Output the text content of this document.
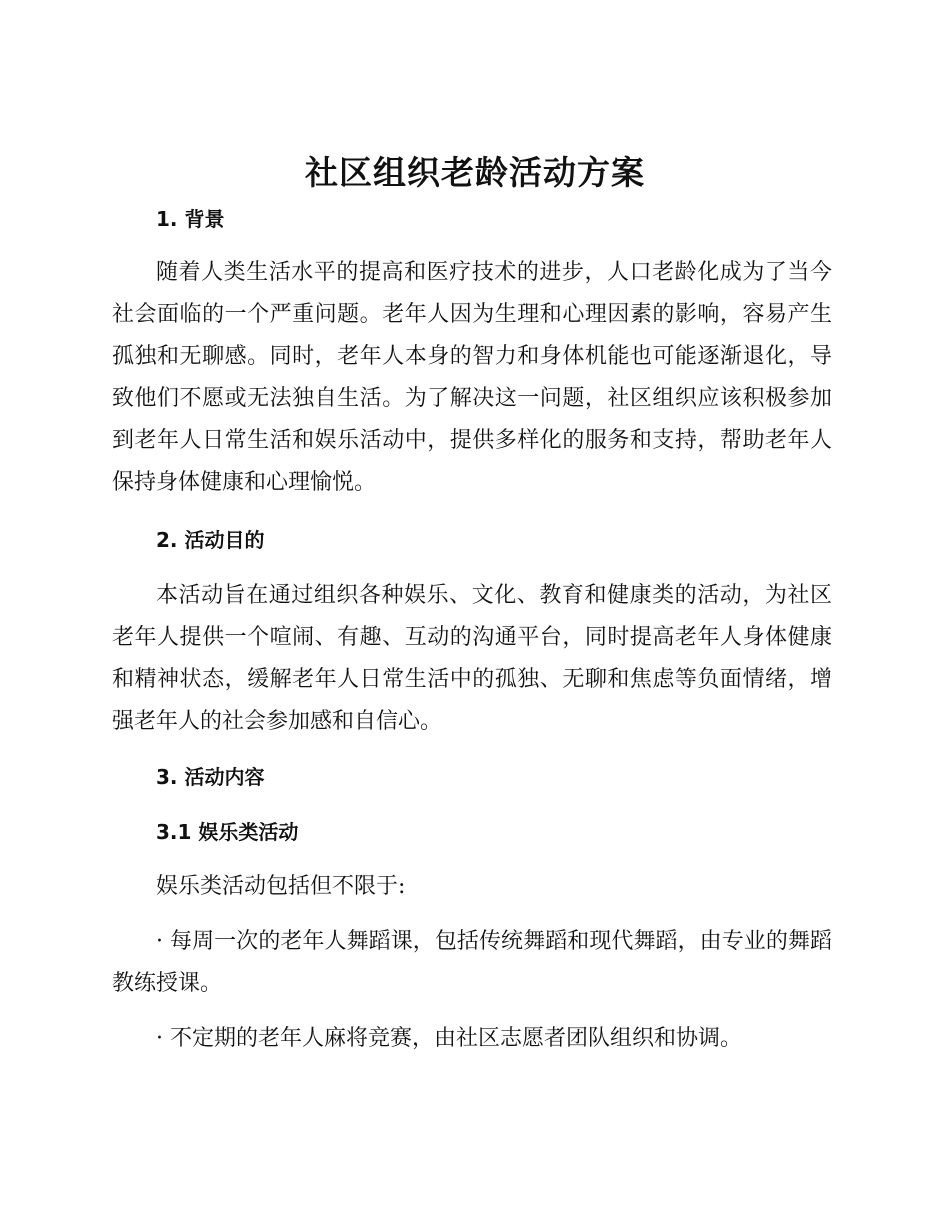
社区组织老龄活动方案
1. 背景

随着人类生活水平的提高和医疗技术的进步，人口老龄化成为了当今社会面临的一个严重问题。老年人因为生理和心理因素的影响，容易产生孤独和无聊感。同时，老年人本身的智力和身体机能也可能逐渐退化，导致他们不愿或无法独自生活。为了解决这一问题，社区组织应该积极参加到老年人日常生活和娱乐活动中，提供多样化的服务和支持，帮助老年人保持身体健康和心理愉悦。

2. 活动目的

本活动旨在通过组织各种娱乐、文化、教育和健康类的活动，为社区老年人提供一个喧闹、有趣、互动的沟通平台，同时提高老年人身体健康和精神状态，缓解老年人日常生活中的孤独、无聊和焦虑等负面情绪，增强老年人的社会参加感和自信心。

3. 活动内容
3.1 娱乐类活动

娱乐类活动包括但不限于:

· 每周一次的老年人舞蹈课，包括传统舞蹈和现代舞蹈，由专业的舞蹈教练授课。

· 不定期的老年人麻将竞赛，由社区志愿者团队组织和协调。
